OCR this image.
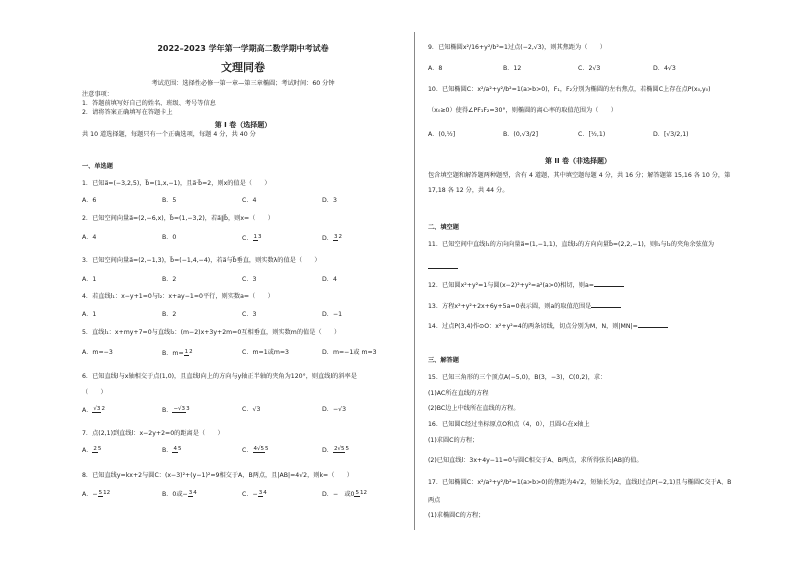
2022–2023 学年第一学期高二数学期中考试卷
文理同卷
考试范围：选择性必修一第一章—第三章椭圆；考试时间：60 分钟
注意事项：
1．答题前填写好自己的姓名、班级、考号等信息
2．请将答案正确填写在答题卡上
第 I 卷（选择题）
共 10 道选择题，每题只有一个正确选项，每题 4 分，共 40 分
一、单选题
1．已知a⃗=(−3,2,5)，b⃗=(1,x,−1)，且a⃗·b⃗=2，则x的值是（　　）
A．6	B．5	C．4	D．3
2．已知空间向量a⃗=(2,−6,x)，b⃗=(1,−3,2)，若a⃗∥b⃗，则x=（　　）
A．4	B．0	C．13	D．32
3．已知空间向量a⃗=(2,−1,3)，b⃗=(−1,4,−4)，若a⃗与b⃗垂直，则实数λ的值是（　　）
A．1	B．2	C．3	D．4
4．若直线l₁：x−y+1=0与l₂：x+ay−1=0平行，则实数a=（　　）
A．1	B．2	C．3	D．−1
5．直线l₁：x+my+7=0与直线l₂：(m−2)x+3y+2m=0互相垂直，则实数m的值是（　　）
A．m=−3	B．m=12	C．m=1或m=3	D．m=−1或 m=3
6．已知直线l与x轴相交于点(1,0)，且直线l向上的方向与y轴正半轴的夹角为120°，则直线l的斜率是
（　　）
A．√32	B．−√33	C．√3	D．−√3
7．点(2,1)到直线l：x−2y+2=0的距离是（　　）
A．25	B．45	C．4√55	D．2√55
8．已知直线y=kx+2与圆C：(x−3)²+(y−1)²=9相交于A，B两点，且|AB|=4√2，则k=（　　）
A．−512	B．0或−34	C．−34	D．−　或0512
9．已知椭圆x²/16+y²/b²=1过点(−2,√3)，则其焦距为（　　）
A．8	B．12	C．2√3	D．4√3
10．已知椭圆C：x²/a²+y²/b²=1(a>b>0)，F₁，F₂分别为椭圆的左右焦点，若椭圆C上存在点P(x₀,y₀)
（x₀≥0）使得∠PF₁F₂=30°，则椭圆的离心率的取值范围为（　　）
A．(0,½]	B．(0,√3/2]	C．[½,1)	D．[√3/2,1)
第 II 卷（非选择题）
包含填空题和解答题两种题型，含有 4 道题，其中填空题每题 4 分，共 16 分；解答题第 15,16 各 10 分，第
17,18 各 12 分，共 44 分。
二、填空题
11．已知空间中直线l₁的方向向量a⃗=(1,−1,1)，直线l₂的方向向量b⃗=(2,2,−1)，则l₁与l₂的夹角余弦值为
12．已知圆x²+y²=1与圆(x−2)²+y²=a²(a>0)相切，则a=
13．方程x²+y²+2x+6y+5a=0表示圆，则a的取值范围是
14．过点P(3,4)作⊙O：x²+y²=4的两条切线，切点分别为M，N，则|MN|=
三、解答题
15．已知三角形的三个顶点A(−5,0)，B(3，−3)，C(0,2)，求：
(1)AC所在直线的方程
(2)BC边上中线所在直线的方程。
16．已知圆C经过坐标原点O和点（4，0），且圆心在x轴上
(1)求圆C的方程；
(2)已知直线l：3x+4y−11=0与圆C相交于A、B两点，求所得弦长|AB|的值。
17．已知椭圆C：x²/a²+y²/b²=1(a>b>0)的焦距为4√2，短轴长为2，直线l过点P(−2,1)且与椭圆C交于A、B
两点
(1)求椭圆C的方程；
